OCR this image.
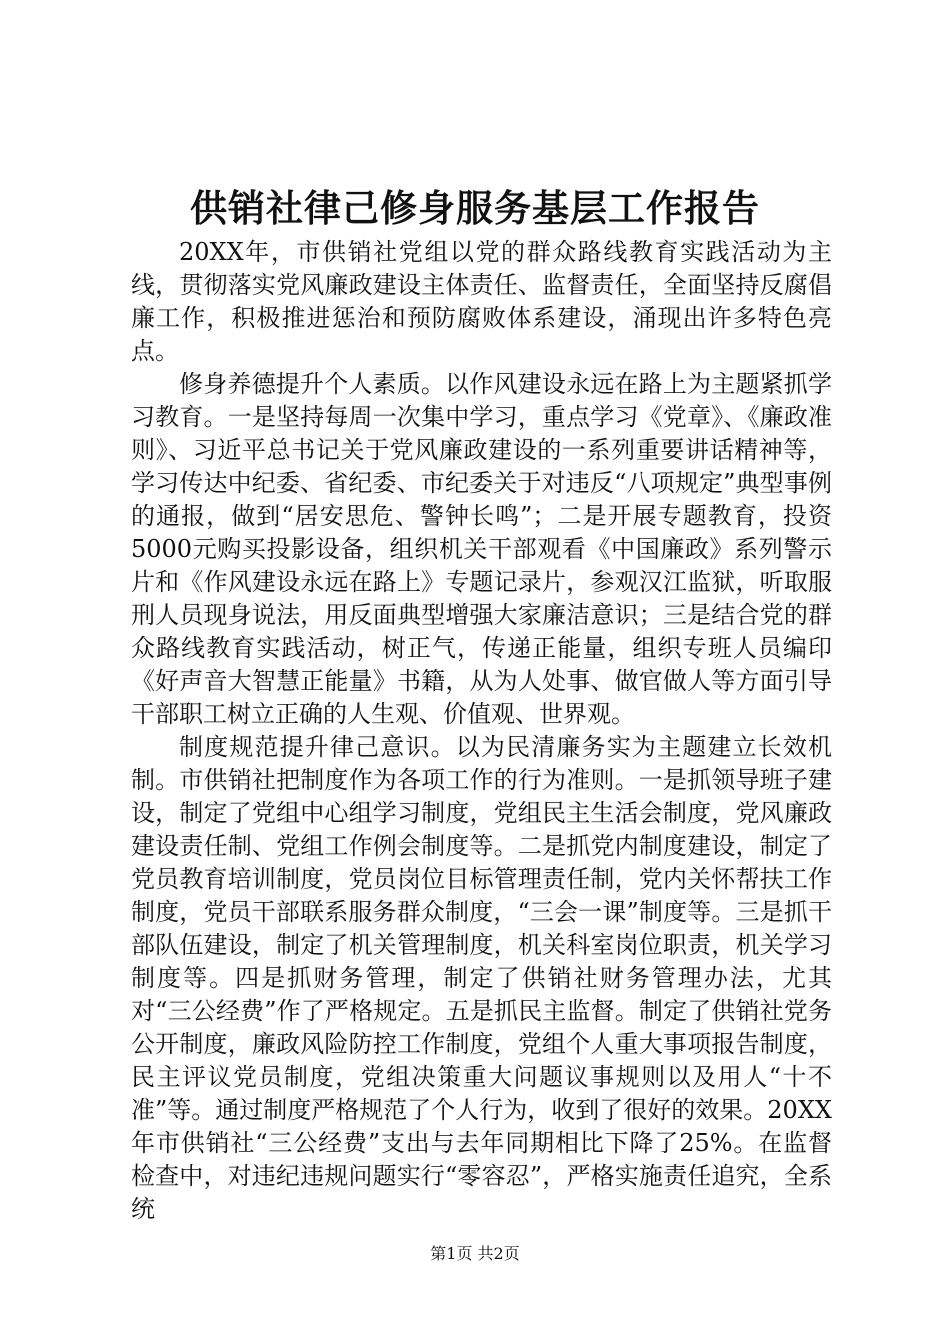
供销社律己修身服务基层工作报告

20XX年，市供销社党组以党的群众路线教育实践活动为主线，贯彻落实党风廉政建设主体责任、监督责任，全面坚持反腐倡廉工作，积极推进惩治和预防腐败体系建设，涌现出许多特色亮点。

修身养德提升个人素质。以作风建设永远在路上为主题紧抓学习教育。一是坚持每周一次集中学习，重点学习《党章》、《廉政准则》、习近平总书记关于党风廉政建设的一系列重要讲话精神等，学习传达中纪委、省纪委、市纪委关于对违反“八项规定”典型事例的通报，做到“居安思危、警钟长鸣”；二是开展专题教育，投资5000元购买投影设备，组织机关干部观看《中国廉政》系列警示片和《作风建设永远在路上》专题记录片，参观汉江监狱，听取服刑人员现身说法，用反面典型增强大家廉洁意识；三是结合党的群众路线教育实践活动，树正气，传递正能量，组织专班人员编印《好声音大智慧正能量》书籍，从为人处事、做官做人等方面引导干部职工树立正确的人生观、价值观、世界观。

制度规范提升律己意识。以为民清廉务实为主题建立长效机制。市供销社把制度作为各项工作的行为准则。一是抓领导班子建设，制定了党组中心组学习制度，党组民主生活会制度，党风廉政建设责任制、党组工作例会制度等。二是抓党内制度建设，制定了党员教育培训制度，党员岗位目标管理责任制，党内关怀帮扶工作制度，党员干部联系服务群众制度，“三会一课”制度等。三是抓干部队伍建设，制定了机关管理制度，机关科室岗位职责，机关学习制度等。四是抓财务管理，制定了供销社财务管理办法，尤其对“三公经费”作了严格规定。五是抓民主监督。制定了供销社党务公开制度，廉政风险防控工作制度，党组个人重大事项报告制度，民主评议党员制度，党组决策重大问题议事规则以及用人“十不准”等。通过制度严格规范了个人行为，收到了很好的效果。20XX年市供销社“三公经费”支出与去年同期相比下降了25%。在监督检查中，对违纪违规问题实行“零容忍”，严格实施责任追究，全系统

第1页 共2页
